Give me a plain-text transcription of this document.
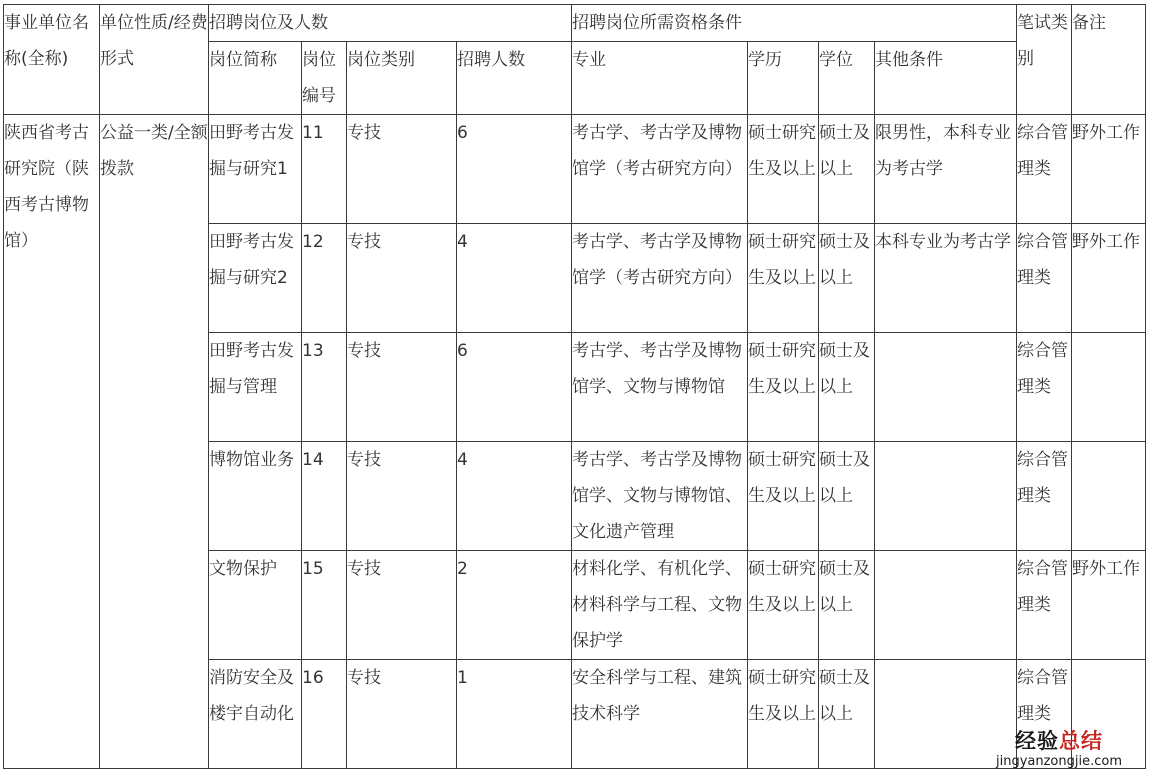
事业单位名称(全称)	单位性质/经费形式	招聘岗位及人数				招聘岗位所需资格条件				笔试类别	备注
		岗位简称	岗位编号	岗位类别	招聘人数	专业	学历	学位	其他条件		
陕西省考古研究院（陕西考古博物馆）	公益一类/全额拨款	田野考古发掘与研究1	11	专技	6	考古学、考古学及博物馆学（考古研究方向）	硕士研究生及以上	硕士及以上	限男性，本科专业为考古学	综合管理类	野外工作
		田野考古发掘与研究2	12	专技	4	考古学、考古学及博物馆学（考古研究方向）	硕士研究生及以上	硕士及以上	本科专业为考古学	综合管理类	野外工作
		田野考古发掘与管理	13	专技	6	考古学、考古学及博物馆学、文物与博物馆	硕士研究生及以上	硕士及以上		综合管理类	
		博物馆业务	14	专技	4	考古学、考古学及博物馆学、文物与博物馆、文化遗产管理	硕士研究生及以上	硕士及以上		综合管理类	
		文物保护	15	专技	2	材料化学、有机化学、材料科学与工程、文物保护学	硕士研究生及以上	硕士及以上		综合管理类	野外工作
		消防安全及楼宇自动化	16	专技	1	安全科学与工程、建筑技术科学	硕士研究生及以上	硕士及以上		综合管理类	
经验总结
jingyanzongjie.com
